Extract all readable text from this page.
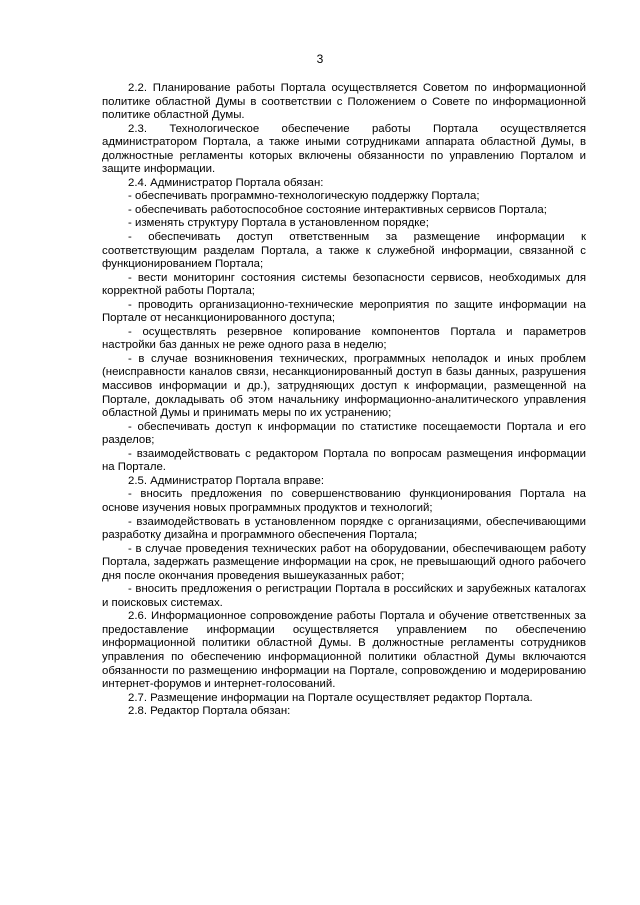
3

2.2. Планирование работы Портала осуществляется Советом по информационной политике областной Думы в соответствии с Положением о Совете по информационной политике областной Думы.

2.3. Технологическое обеспечение работы Портала осуществляется администратором Портала, а также иными сотрудниками аппарата областной Думы, в должностные регламенты которых включены обязанности по управлению Порталом и защите информации.

2.4. Администратор Портала обязан:

- обеспечивать программно-технологическую поддержку Портала;

- обеспечивать работоспособное состояние интерактивных сервисов Портала;

- изменять структуру Портала в установленном порядке;

- обеспечивать доступ ответственным за размещение информации к соответствующим разделам Портала, а также к служебной информации, связанной с функционированием Портала;

- вести мониторинг состояния системы безопасности сервисов, необходимых для корректной работы Портала;

- проводить организационно-технические мероприятия по защите информации на Портале от несанкционированного доступа;

- осуществлять резервное копирование компонентов Портала и параметров настройки баз данных не реже одного раза в неделю;

- в случае возникновения технических, программных неполадок и иных проблем (неисправности каналов связи, несанкционированный доступ в базы данных, разрушения массивов информации и др.), затрудняющих доступ к информации, размещенной на Портале, докладывать об этом начальнику информационно-аналитического управления областной Думы и принимать меры по их устранению;

- обеспечивать доступ к информации по статистике посещаемости Портала и его разделов;

- взаимодействовать с редактором Портала по вопросам размещения информации на Портале.

2.5. Администратор Портала вправе:

- вносить предложения по совершенствованию функционирования Портала на основе изучения новых программных продуктов и технологий;

- взаимодействовать в установленном порядке с организациями, обеспечивающими разработку дизайна и программного обеспечения Портала;

- в случае проведения технических работ на оборудовании, обеспечивающем работу Портала, задержать размещение информации на срок, не превышающий одного рабочего дня после окончания проведения вышеуказанных работ;

- вносить предложения о регистрации Портала в российских и зарубежных каталогах и поисковых системах.

2.6. Информационное сопровождение работы Портала и обучение ответственных за предоставление информации осуществляется управлением по обеспечению информационной политики областной Думы. В должностные регламенты сотрудников управления по обеспечению информационной политики областной Думы включаются обязанности по размещению информации на Портале, сопровождению и модерированию интернет-форумов и интернет-голосований.

2.7. Размещение информации на Портале осуществляет редактор Портала.

2.8. Редактор Портала обязан:
